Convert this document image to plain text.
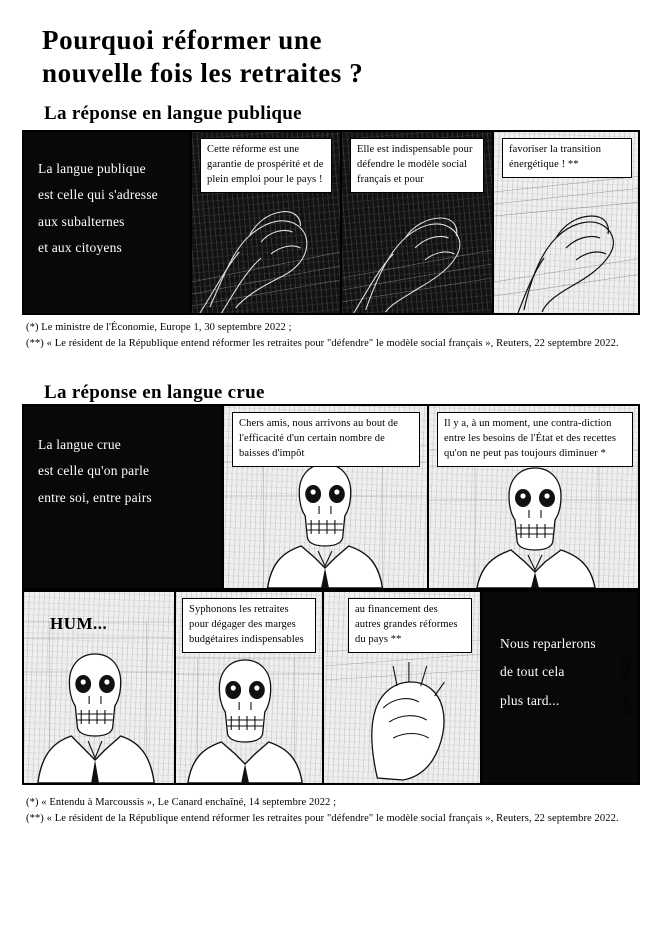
Pourquoi réformer une
nouvelle fois les retraites ?
La réponse en langue publique
La langue publique
est celle qui s'adresse
aux subalternes
et aux citoyens
Cette réforme est une garantie de prospérité et de plein emploi pour le pays !
Elle est indispensable pour défendre le modèle social français et pour
favoriser la transition énergétique ! **
(*) Le ministre de l'Économie, Europe 1, 30 septembre 2022 ;
(**) « Le résident de la République entend réformer les retraites pour "défendre" le modèle social français », Reuters, 22 septembre 2022.
La réponse en langue crue
La langue crue
est celle qu'on parle
entre soi, entre pairs
Chers amis, nous arrivons au bout de l'efficacité d'un certain nombre de baisses d'impôt
Il y a, à un moment, une contra-diction entre les besoins de l'État et des recettes qu'on ne peut pas toujours diminuer *
HUM...
Syphonons les retraites pour dégager des marges budgétaires indispensables
au financement des autres grandes réformes du pays **	Nous reparlerons
de tout cela
plus tard...	B.S. - 2022
(*) « Entendu à Marcoussis », Le Canard enchaîné, 14 septembre 2022 ;
(**) « Le résident de la République entend réformer les retraites pour "défendre" le modèle social français », Reuters, 22 septembre 2022.
